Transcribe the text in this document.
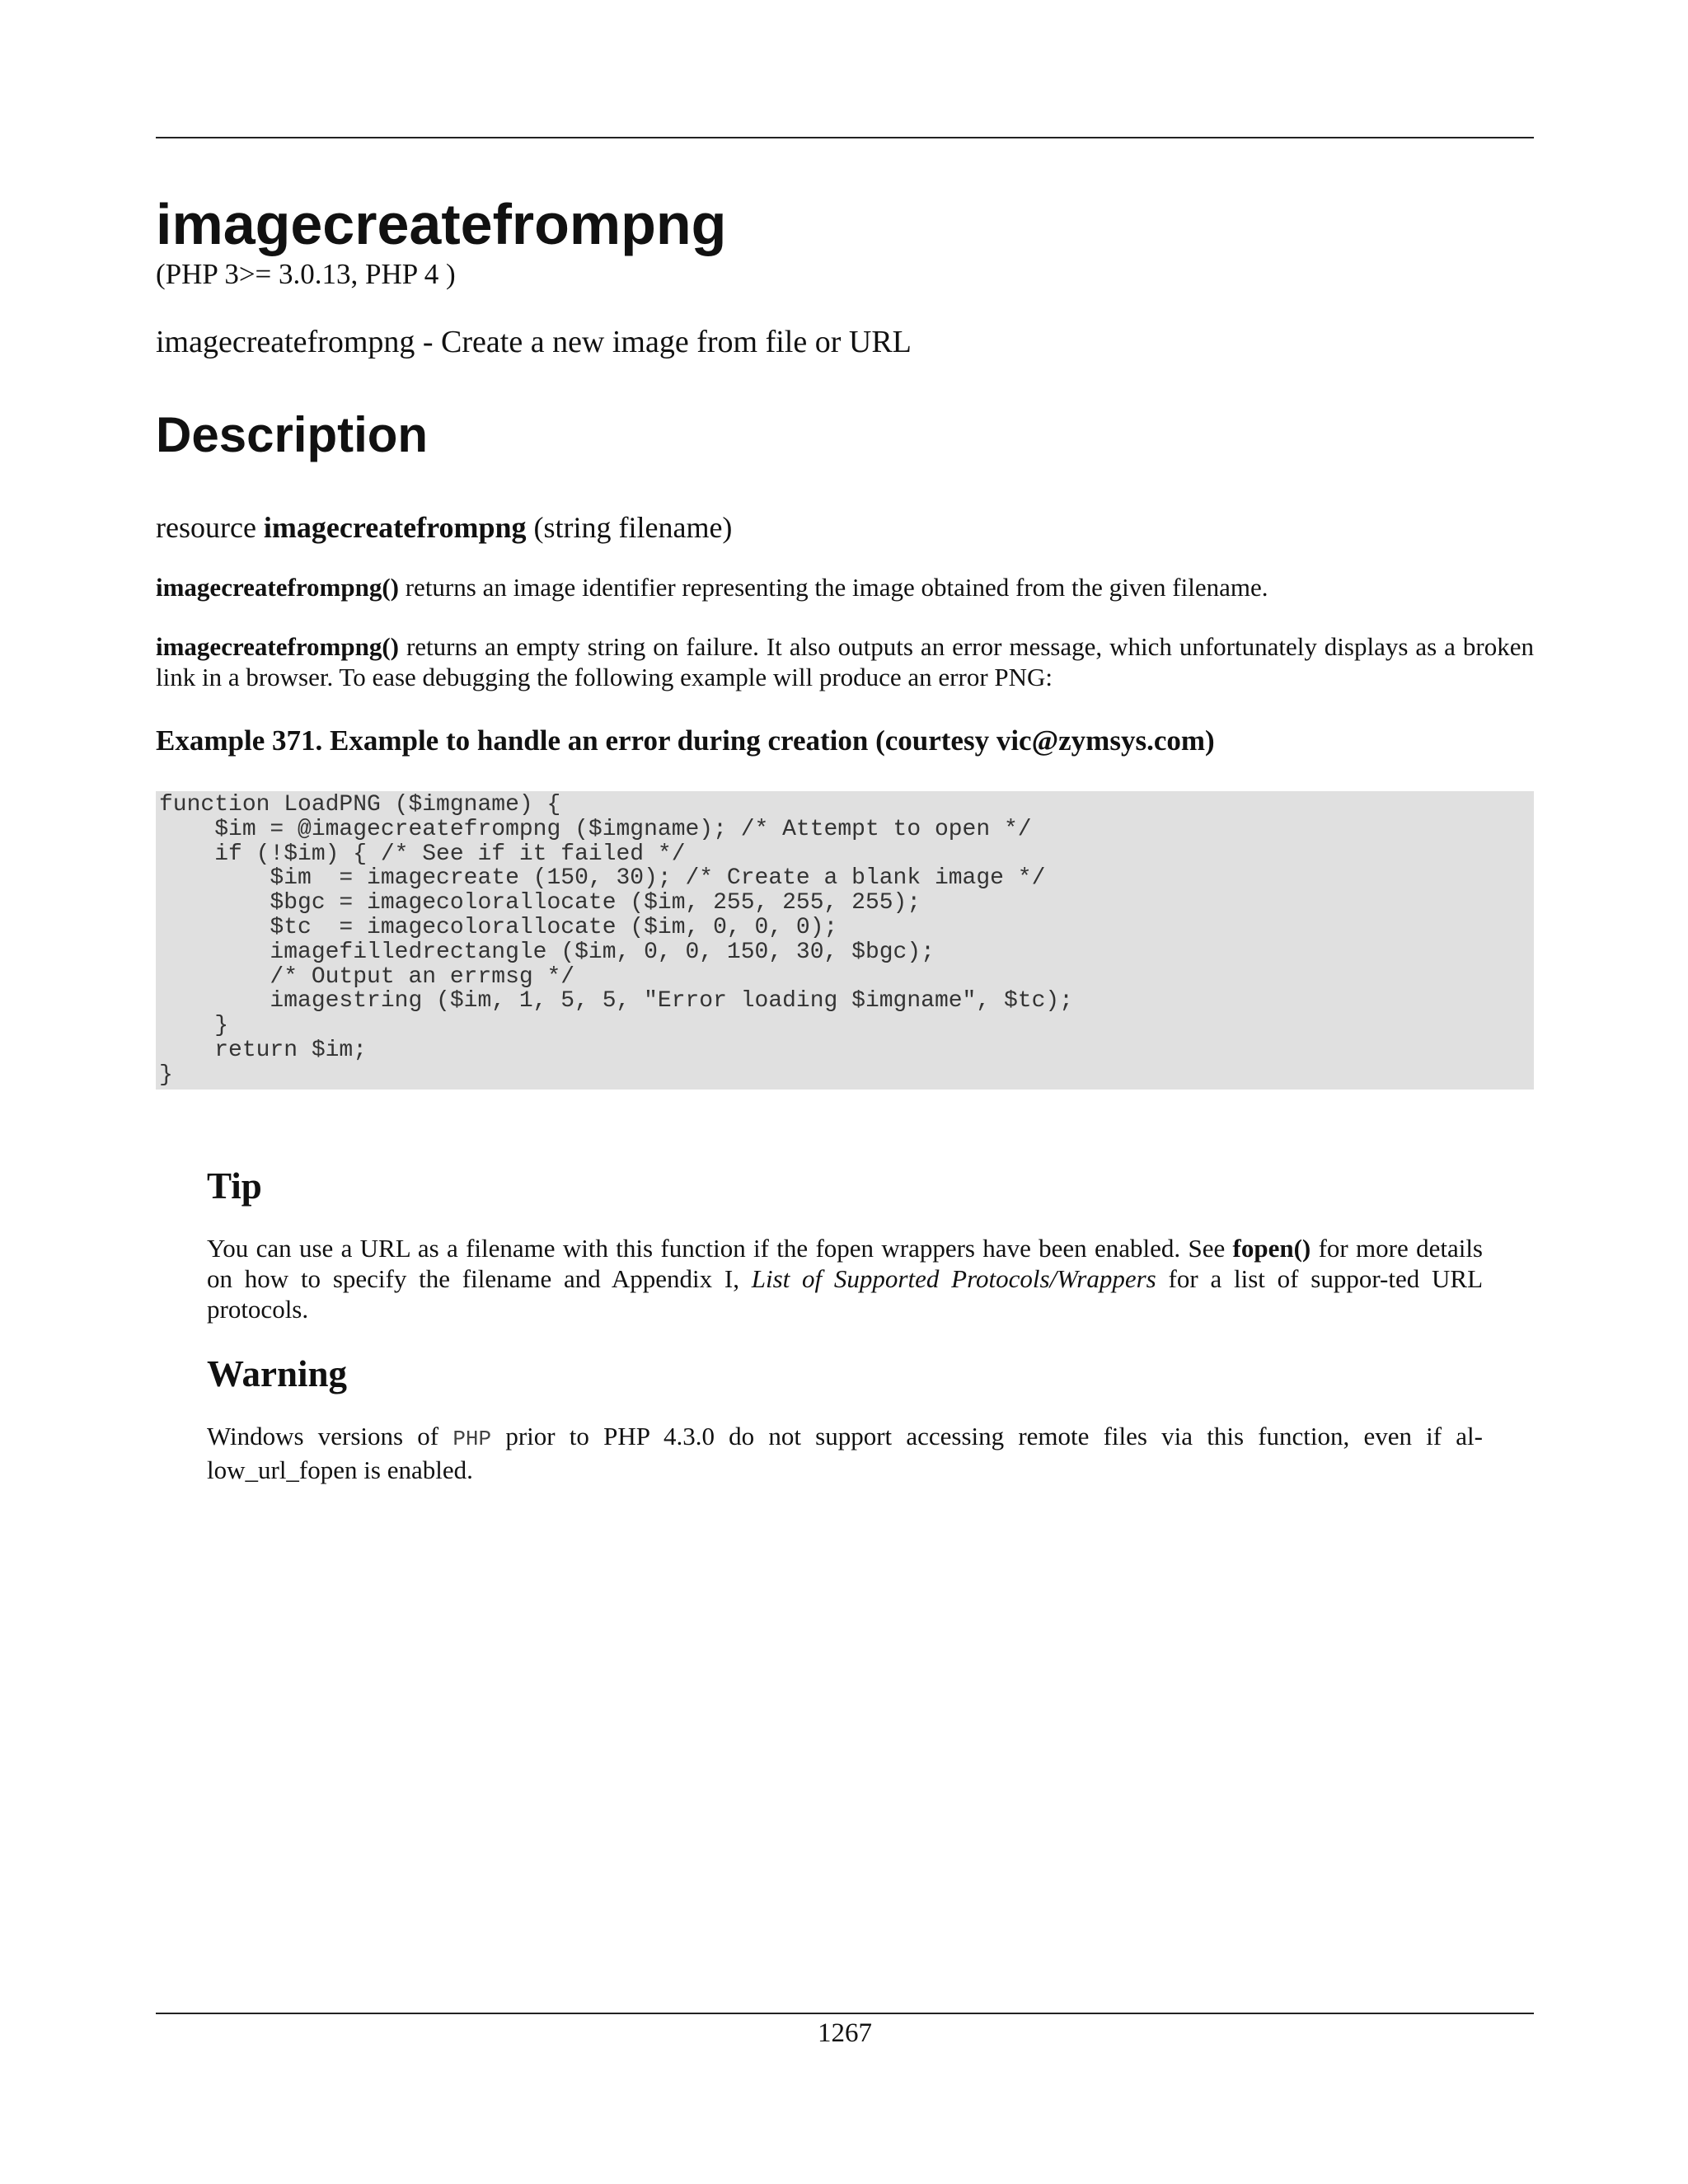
imagecreatefrompng
(PHP 3>= 3.0.13, PHP 4 )
imagecreatefrompng - Create a new image from file or URL
Description
resource imagecreatefrompng (string filename)

imagecreatefrompng() returns an image identifier representing the image obtained from the given filename.

imagecreatefrompng() returns an empty string on failure. It also outputs an error message, which unfortunately displays as a broken link in a browser. To ease debugging the following example will produce an error PNG:

Example 371. Example to handle an error during creation (courtesy vic@zymsys.com)
function LoadPNG ($imgname) {
$im = @imagecreatefrompng ($imgname); /* Attempt to open */
if (!$im) { /* See if it failed */
$im  = imagecreate (150, 30); /* Create a blank image */
$bgc = imagecolorallocate ($im, 255, 255, 255);
$tc  = imagecolorallocate ($im, 0, 0, 0);
imagefilledrectangle ($im, 0, 0, 150, 30, $bgc);
/* Output an errmsg */
imagestring ($im, 1, 5, 5, "Error loading $imgname", $tc);
}
return $im;
}
Tip

You can use a URL as a filename with this function if the fopen wrappers have been enabled. See fopen() for more details on how to specify the filename and Appendix I, List of Supported Protocols/Wrappers for a list of suppor-ted URL protocols.

Warning

Windows versions of PHP prior to PHP 4.3.0 do not support accessing remote files via this function, even if al-low_url_fopen is enabled.

1267
